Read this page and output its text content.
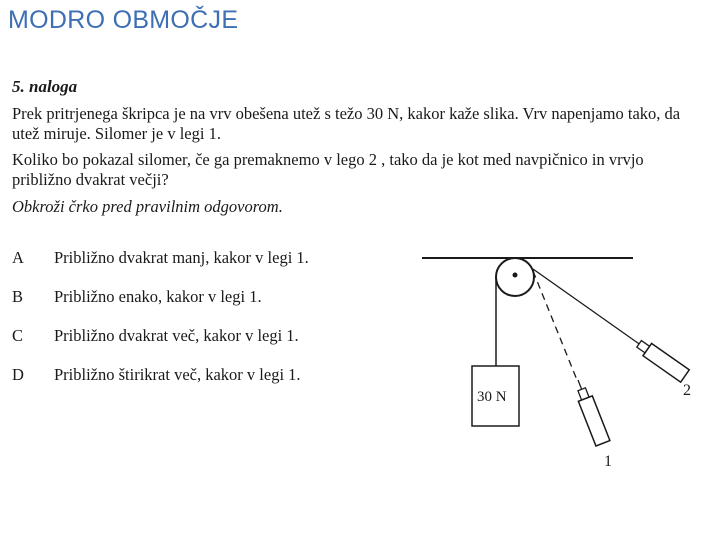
MODRO OBMOČJE
5. naloga
Prek pritrjenega škripca je na vrv obešena utež s težo 30 N, kakor kaže slika. Vrv napenjamo tako, da utež miruje. Silomer je v legi 1.
Koliko bo pokazal silomer, če ga premaknemo v lego 2 , tako da je kot med navpičnico in vrvjo približno dvakrat večji?
Obkroži črko pred pravilnim odgovorom.
A Približno dvakrat manj, kakor v legi 1.
B Približno enako, kakor v legi 1.
C Približno dvakrat več, kakor v legi 1.
D Približno štirikrat več, kakor v legi 1.
30 N
1
2
